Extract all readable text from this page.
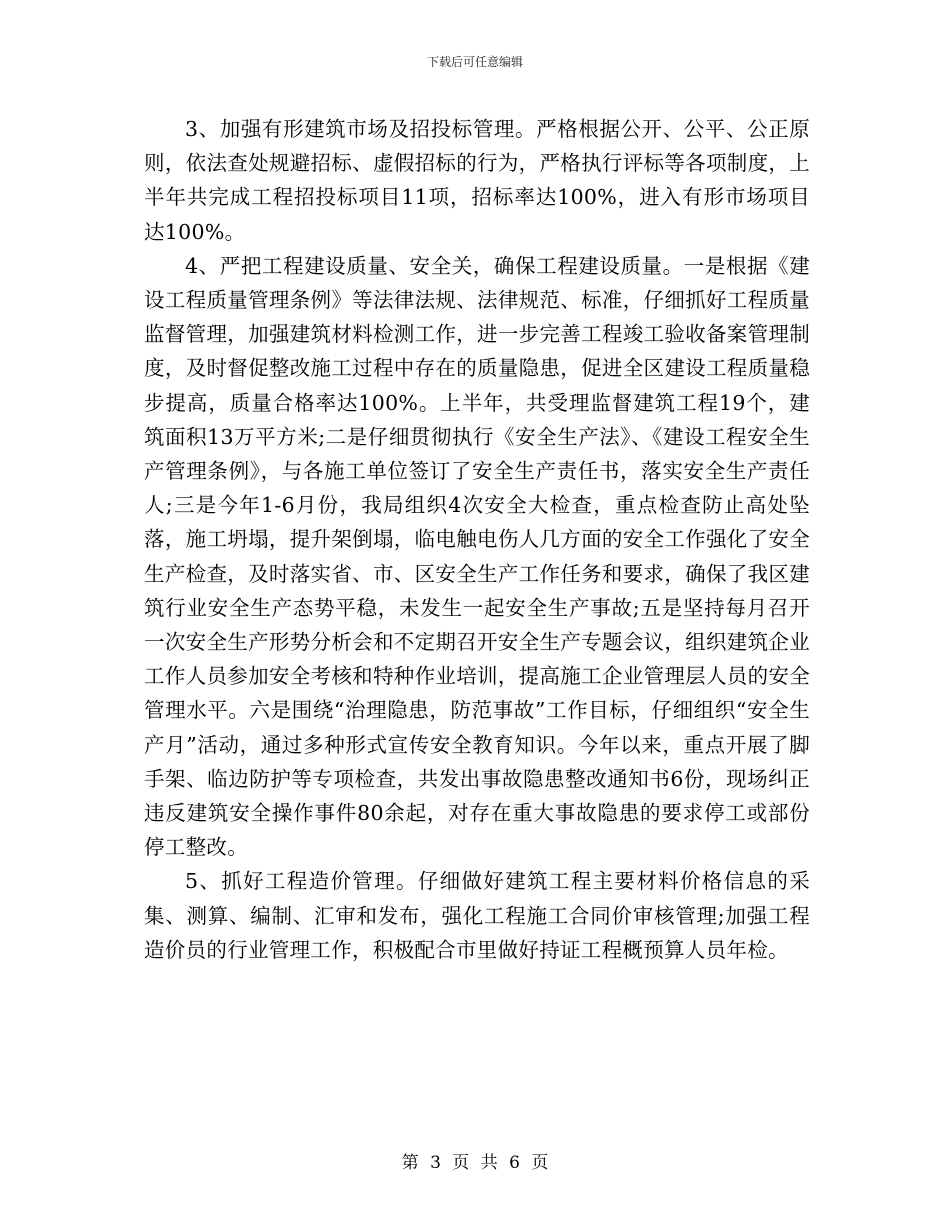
下载后可任意编辑

3、加强有形建筑市场及招投标管理。严格根据公开、公平、公正原则，依法查处规避招标、虚假招标的行为，严格执行评标等各项制度，上半年共完成工程招投标项目11项，招标率达100%，进入有形市场项目达100%。

4、严把工程建设质量、安全关，确保工程建设质量。一是根据《建设工程质量管理条例》等法律法规、法律规范、标准，仔细抓好工程质量监督管理，加强建筑材料检测工作，进一步完善工程竣工验收备案管理制度，及时督促整改施工过程中存在的质量隐患，促进全区建设工程质量稳步提高，质量合格率达100%。上半年，共受理监督建筑工程19个，建筑面积13万平方米;二是仔细贯彻执行《安全生产法》、《建设工程安全生产管理条例》，与各施工单位签订了安全生产责任书，落实安全生产责任人;三是今年1-6月份，我局组织4次安全大检查，重点检查防止高处坠落，施工坍塌，提升架倒塌，临电触电伤人几方面的安全工作强化了安全生产检查，及时落实省、市、区安全生产工作任务和要求，确保了我区建筑行业安全生产态势平稳，未发生一起安全生产事故;五是坚持每月召开一次安全生产形势分析会和不定期召开安全生产专题会议，组织建筑企业工作人员参加安全考核和特种作业培训，提高施工企业管理层人员的安全管理水平。六是围绕“治理隐患，防范事故”工作目标，仔细组织“安全生产月”活动，通过多种形式宣传安全教育知识。今年以来，重点开展了脚手架、临边防护等专项检查，共发出事故隐患整改通知书6份，现场纠正违反建筑安全操作事件80余起，对存在重大事故隐患的要求停工或部份停工整改。

5、抓好工程造价管理。仔细做好建筑工程主要材料价格信息的采集、测算、编制、汇审和发布，强化工程施工合同价审核管理;加强工程造价员的行业管理工作，积极配合市里做好持证工程概预算人员年检。

第 3 页 共 6 页
